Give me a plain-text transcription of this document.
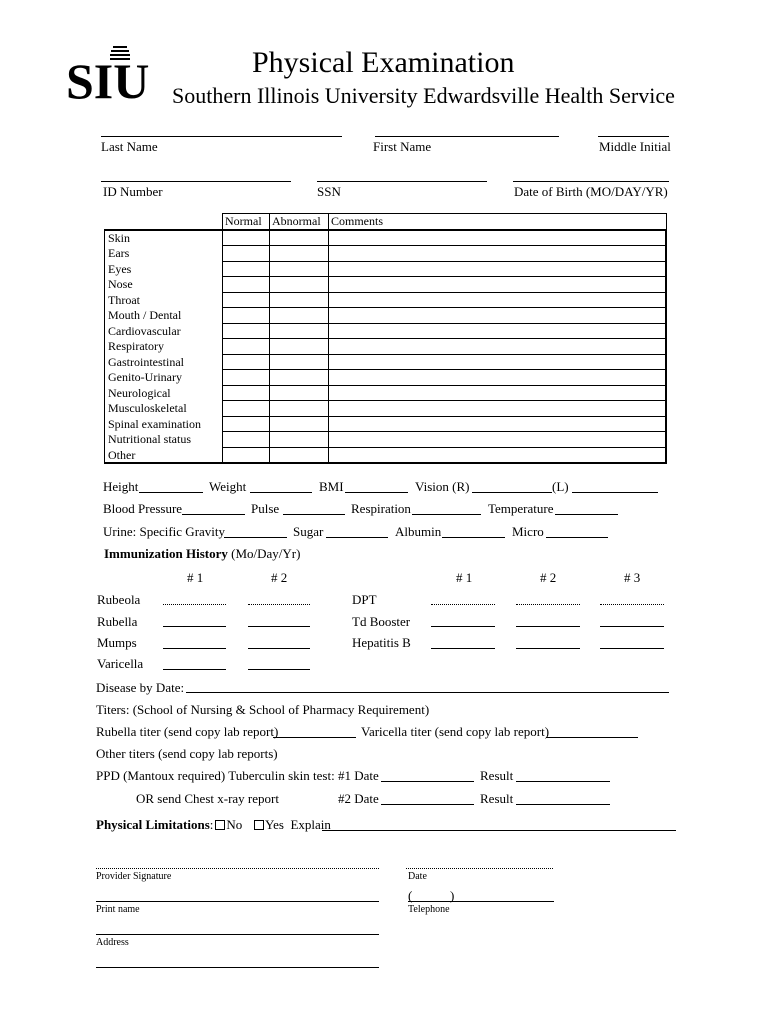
SIU	Physical Examination
Southern Illinois University Edwardsville Health Service
Last Name	First Name	Middle Initial
ID Number	SSN	Date of Birth (MO/DAY/YR)
	Normal	Abnormal	Comments
Skin			
Ears			
Eyes			
Nose			
Throat			
Mouth / Dental			
Cardiovascular			
Respiratory			
Gastrointestinal			
Genito-Urinary			
Neurological			
Musculoskeletal			
Spinal examination			
Nutritional status			
Other			
Height	Weight	BMI	Vision (R)	(L)
Blood Pressure	Pulse	Respiration	Temperature
Urine: Specific Gravity	Sugar	Albumin	Micro
Immunization History (Mo/Day/Yr)
# 1	# 2	# 1	# 2	# 3
Rubeola
Rubella
Mumps
Varicella
DPT
Td Booster
Hepatitis B
Disease by Date:
Titers: (School of Nursing & School of Pharmacy Requirement)
Rubella titer (send copy lab report)	Varicella titer (send copy lab report)
Other titers (send copy lab reports)
PPD (Mantoux required) Tuberculin skin test: #1 Date	Result
OR send Chest x-ray report	#2 Date	Result
Physical Limitations: No Yes Explain
Provider Signature	Date
Print name
(	)
Telephone
Address
